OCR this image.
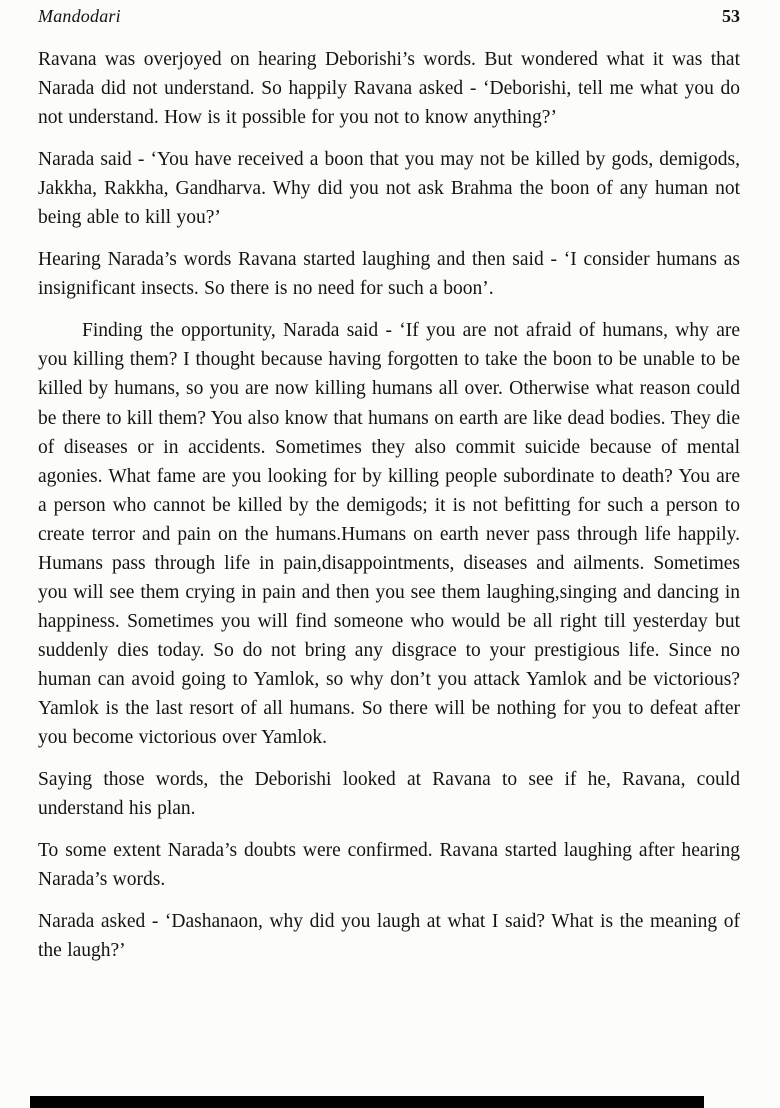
Mandodari	53

Ravana was overjoyed on hearing Deborishi’s words. But wondered what it was that Narada did not understand. So happily Ravana asked - ‘Deborishi, tell me what you do not understand. How is it possible for you not to know anything?’

Narada said - ‘You have received a boon that you may not be killed by gods, demigods, Jakkha, Rakkha, Gandharva. Why did you not ask Brahma the boon of any human not being able to kill you?’

Hearing Narada’s words Ravana started laughing and then said - ‘I consider humans as insignificant insects. So there is no need for such a boon’.

Finding the opportunity, Narada said - ‘If you are not afraid of humans, why are you killing them? I thought because having forgotten to take the boon to be unable to be killed by humans, so you are now killing humans all over. Otherwise what reason could be there to kill them? You also know that humans on earth are like dead bodies. They die of diseases or in accidents. Sometimes they also commit suicide because of mental agonies. What fame are you looking for by killing people subordinate to death? You are a person who cannot be killed by the demigods; it is not befitting for such a person to create terror and pain on the humans.Humans on earth never pass through life happily. Humans pass through life in pain,disappointments, diseases and ailments. Sometimes you will see them crying in pain and then you see them laughing,singing and dancing in happiness. Sometimes you will find someone who would be all right till yesterday but suddenly dies today. So do not bring any disgrace to your prestigious life. Since no human can avoid going to Yamlok, so why don’t you attack Yamlok and be victorious? Yamlok is the last resort of all humans. So there will be nothing for you to defeat after you become victorious over Yamlok.

Saying those words, the Deborishi looked at Ravana to see if he, Ravana, could understand his plan.

To some extent Narada’s doubts were confirmed. Ravana started laughing after hearing Narada’s words.

Narada asked - ‘Dashanaon, why did you laugh at what I said? What is the meaning of the laugh?’
